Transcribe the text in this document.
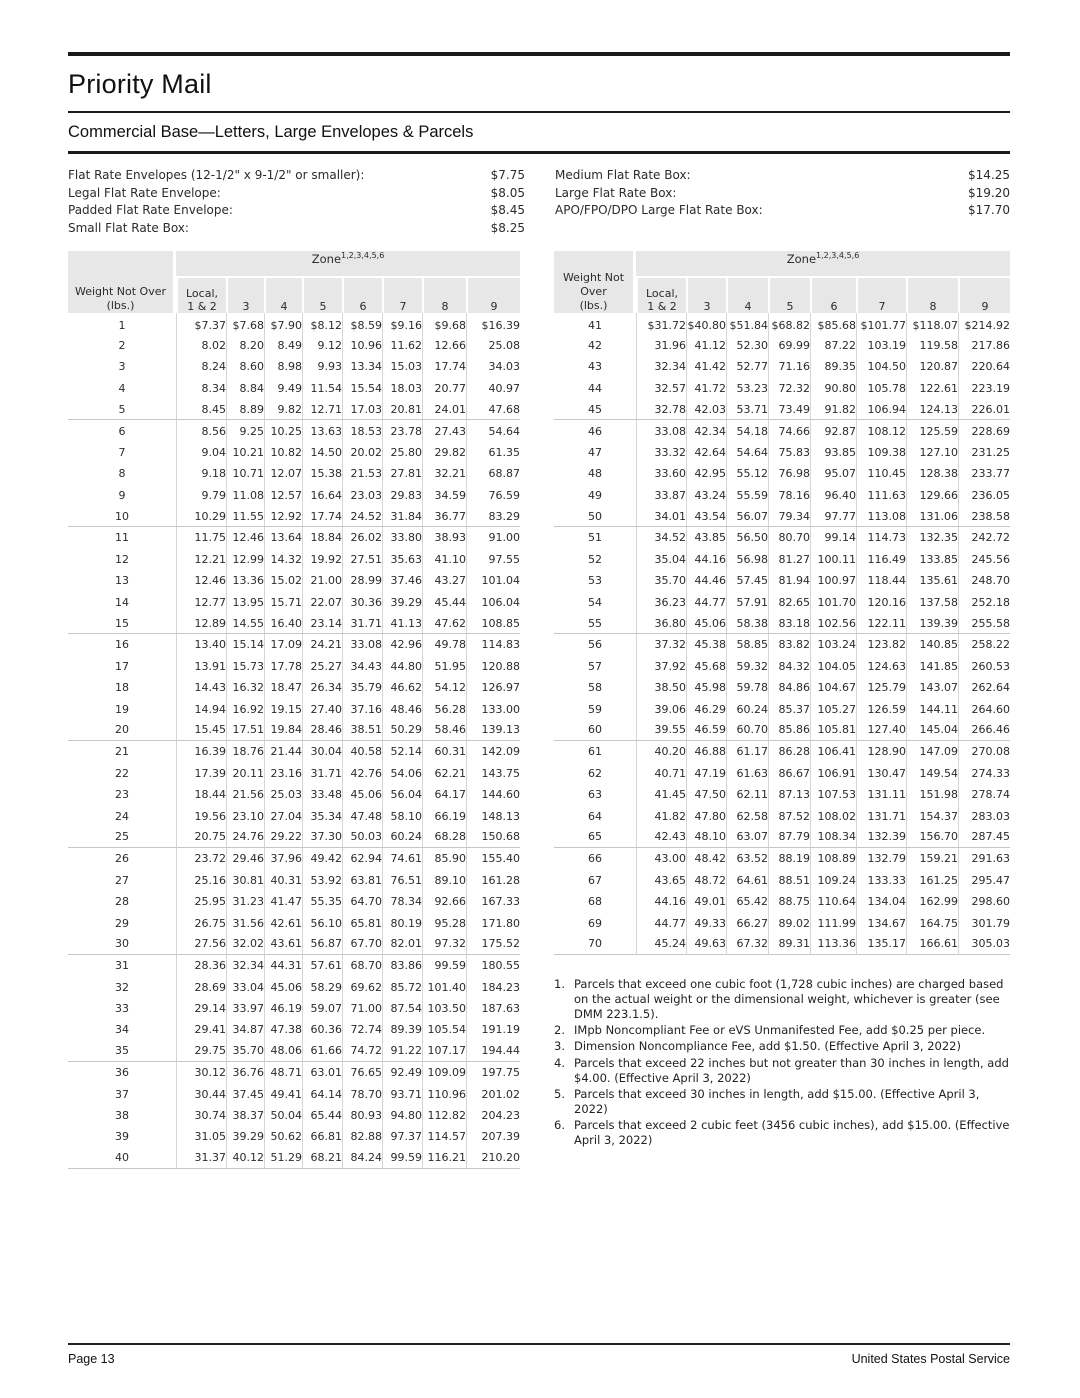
Priority Mail
Commercial Base—Letters, Large Envelopes & Parcels
Flat Rate Envelopes (12-1/2" x 9-1/2" or smaller):	$7.75
Legal Flat Rate Envelope:	$8.05
Padded Flat Rate Envelope:	$8.45
Small Flat Rate Box:	$8.25
Medium Flat Rate Box:	$14.25
Large Flat Rate Box:	$19.20
APO/FPO/DPO Large Flat Rate Box:	$17.70
Weight Not Over
(lbs.)	Zone$^{1,2,3,4,5,6}$
	Local,
1 & 2	3	4	5	6	7	8	9
1	$7.37	$7.68	$7.90	$8.12	$8.59	$9.16	$9.68	$16.39
2	8.02	8.20	8.49	9.12	10.96	11.62	12.66	25.08
3	8.24	8.60	8.98	9.93	13.34	15.03	17.74	34.03
4	8.34	8.84	9.49	11.54	15.54	18.03	20.77	40.97
5	8.45	8.89	9.82	12.71	17.03	20.81	24.01	47.68
6	8.56	9.25	10.25	13.63	18.53	23.78	27.43	54.64
7	9.04	10.21	10.82	14.50	20.02	25.80	29.82	61.35
8	9.18	10.71	12.07	15.38	21.53	27.81	32.21	68.87
9	9.79	11.08	12.57	16.64	23.03	29.83	34.59	76.59
10	10.29	11.55	12.92	17.74	24.52	31.84	36.77	83.29
11	11.75	12.46	13.64	18.84	26.02	33.80	38.93	91.00
12	12.21	12.99	14.32	19.92	27.51	35.63	41.10	97.55
13	12.46	13.36	15.02	21.00	28.99	37.46	43.27	101.04
14	12.77	13.95	15.71	22.07	30.36	39.29	45.44	106.04
15	12.89	14.55	16.40	23.14	31.71	41.13	47.62	108.85
16	13.40	15.14	17.09	24.21	33.08	42.96	49.78	114.83
17	13.91	15.73	17.78	25.27	34.43	44.80	51.95	120.88
18	14.43	16.32	18.47	26.34	35.79	46.62	54.12	126.97
19	14.94	16.92	19.15	27.40	37.16	48.46	56.28	133.00
20	15.45	17.51	19.84	28.46	38.51	50.29	58.46	139.13
21	16.39	18.76	21.44	30.04	40.58	52.14	60.31	142.09
22	17.39	20.11	23.16	31.71	42.76	54.06	62.21	143.75
23	18.44	21.56	25.03	33.48	45.06	56.04	64.17	144.60
24	19.56	23.10	27.04	35.34	47.48	58.10	66.19	148.13
25	20.75	24.76	29.22	37.30	50.03	60.24	68.28	150.68
26	23.72	29.46	37.96	49.42	62.94	74.61	85.90	155.40
27	25.16	30.81	40.31	53.92	63.81	76.51	89.10	161.28
28	25.95	31.23	41.47	55.35	64.70	78.34	92.66	167.33
29	26.75	31.56	42.61	56.10	65.81	80.19	95.28	171.80
30	27.56	32.02	43.61	56.87	67.70	82.01	97.32	175.52
31	28.36	32.34	44.31	57.61	68.70	83.86	99.59	180.55
32	28.69	33.04	45.06	58.29	69.62	85.72	101.40	184.23
33	29.14	33.97	46.19	59.07	71.00	87.54	103.50	187.63
34	29.41	34.87	47.38	60.36	72.74	89.39	105.54	191.19
35	29.75	35.70	48.06	61.66	74.72	91.22	107.17	194.44
36	30.12	36.76	48.71	63.01	76.65	92.49	109.09	197.75
37	30.44	37.45	49.41	64.14	78.70	93.71	110.96	201.02
38	30.74	38.37	50.04	65.44	80.93	94.80	112.82	204.23
39	31.05	39.29	50.62	66.81	82.88	97.37	114.57	207.39
40	31.37	40.12	51.29	68.21	84.24	99.59	116.21	210.20
Weight Not
Over
(lbs.)	Zone$^{1,2,3,4,5,6}$
	Local,
1 & 2	3	4	5	6	7	8	9
41	$31.72	$40.80	$51.84	$68.82	$85.68	$101.77	$118.07	$214.92
42	31.96	41.12	52.30	69.99	87.22	103.19	119.58	217.86
43	32.34	41.42	52.77	71.16	89.35	104.50	120.87	220.64
44	32.57	41.72	53.23	72.32	90.80	105.78	122.61	223.19
45	32.78	42.03	53.71	73.49	91.82	106.94	124.13	226.01
46	33.08	42.34	54.18	74.66	92.87	108.12	125.59	228.69
47	33.32	42.64	54.64	75.83	93.85	109.38	127.10	231.25
48	33.60	42.95	55.12	76.98	95.07	110.45	128.38	233.77
49	33.87	43.24	55.59	78.16	96.40	111.63	129.66	236.05
50	34.01	43.54	56.07	79.34	97.77	113.08	131.06	238.58
51	34.52	43.85	56.50	80.70	99.14	114.73	132.35	242.72
52	35.04	44.16	56.98	81.27	100.11	116.49	133.85	245.56
53	35.70	44.46	57.45	81.94	100.97	118.44	135.61	248.70
54	36.23	44.77	57.91	82.65	101.70	120.16	137.58	252.18
55	36.80	45.06	58.38	83.18	102.56	122.11	139.39	255.58
56	37.32	45.38	58.85	83.82	103.24	123.82	140.85	258.22
57	37.92	45.68	59.32	84.32	104.05	124.63	141.85	260.53
58	38.50	45.98	59.78	84.86	104.67	125.79	143.07	262.64
59	39.06	46.29	60.24	85.37	105.27	126.59	144.11	264.60
60	39.55	46.59	60.70	85.86	105.81	127.40	145.04	266.46
61	40.20	46.88	61.17	86.28	106.41	128.90	147.09	270.08
62	40.71	47.19	61.63	86.67	106.91	130.47	149.54	274.33
63	41.45	47.50	62.11	87.13	107.53	131.11	151.98	278.74
64	41.82	47.80	62.58	87.52	108.02	131.71	154.37	283.03
65	42.43	48.10	63.07	87.79	108.34	132.39	156.70	287.45
66	43.00	48.42	63.52	88.19	108.89	132.79	159.21	291.63
67	43.65	48.72	64.61	88.51	109.24	133.33	161.25	295.47
68	44.16	49.01	65.42	88.75	110.64	134.04	162.99	298.60
69	44.77	49.33	66.27	89.02	111.99	134.67	164.75	301.79
70	45.24	49.63	67.32	89.31	113.36	135.17	166.61	305.03
1. Parcels that exceed one cubic foot (1,728 cubic inches) are charged based on the actual weight or the dimensional weight, whichever is greater (see DMM 223.1.5).
2. IMpb Noncompliant Fee or eVS Unmanifested Fee, add $0.25 per piece.
3. Dimension Noncompliance Fee, add $1.50. (Effective April 3, 2022)
4. Parcels that exceed 22 inches but not greater than 30 inches in length, add $4.00. (Effective April 3, 2022)
5. Parcels that exceed 30 inches in length, add $15.00. (Effective April 3, 2022)
6. Parcels that exceed 2 cubic feet (3456 cubic inches), add $15.00. (Effective April 3, 2022)
Page 13	United States Postal Service
